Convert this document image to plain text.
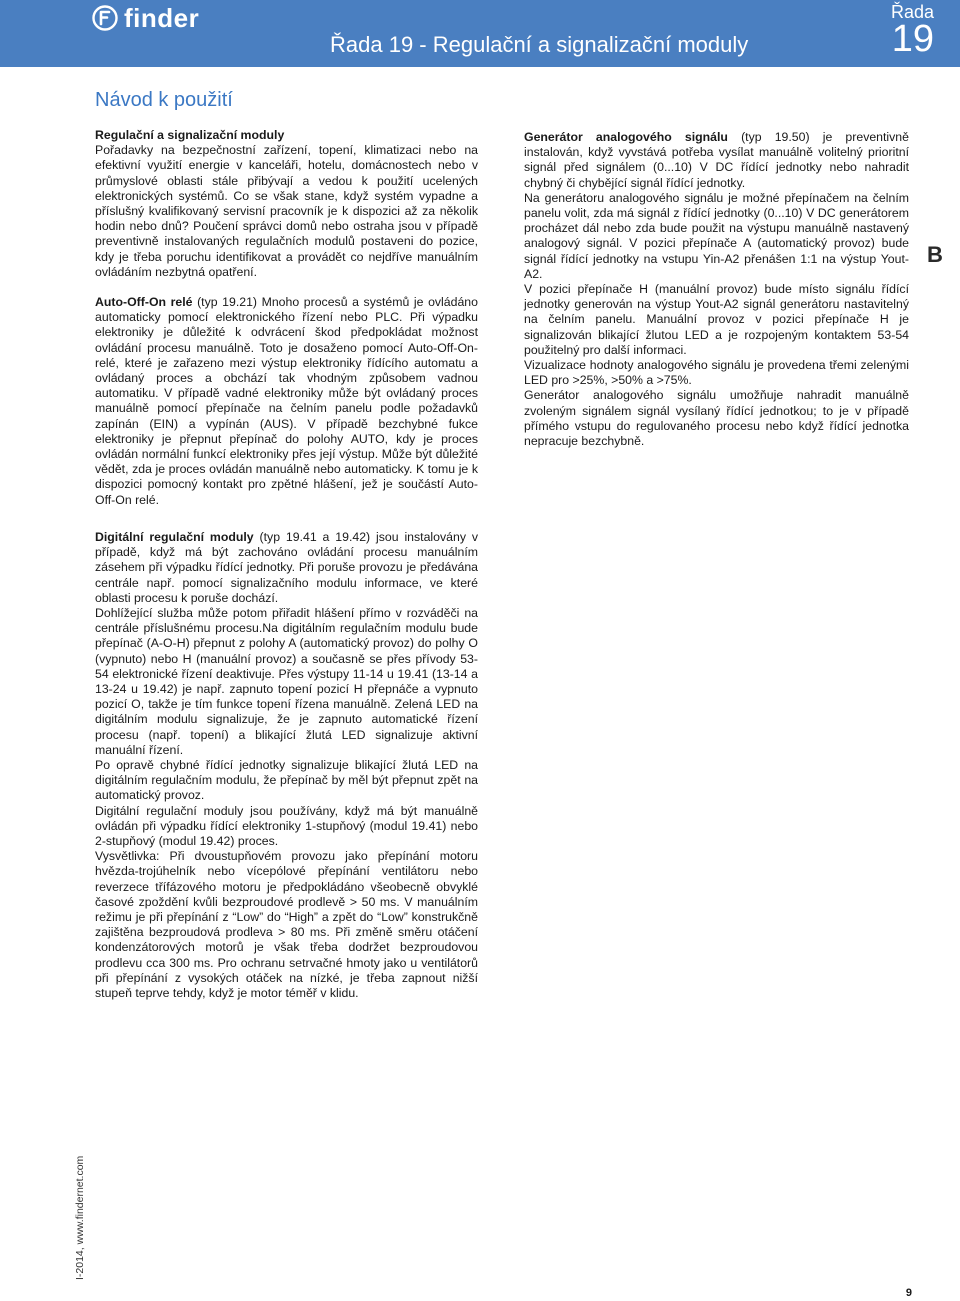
finder
Řada 19 - Regulační a signalizační moduly
Řada
19
Návod k použití

Regulační a signalizační moduly
Pořadavky na bezpečnostní zařízení, topení, klimatizaci nebo na efektivní využití energie v kanceláři, hotelu, domácnostech nebo v průmyslové oblasti stále přibývají a vedou k použití ucelených elektronických systémů. Co se však stane, když systém vypadne a příslušný kvalifikovaný servisní pracovník je k dispozici až za několik hodin nebo dnů? Poučení správci domů nebo ostraha jsou v případě preventivně instalovaných regulačních modulů postaveni do pozice, kdy je třeba poruchu identifikovat a provádět co nejdříve manuálním ovládáním nezbytná opatření.

Auto-Off-On relé (typ 19.21) Mnoho procesů a systémů je ovládáno automaticky pomocí elektronického řízení nebo PLC. Při výpadku elektroniky je důležité k odvrácení škod předpokládat možnost ovládání procesu manuálně. Toto je dosaženo pomocí Auto-Off-On-relé, které je zařazeno mezi výstup elektroniky řídícího automatu a ovládaný proces a obchází tak vhodným způsobem vadnou automatiku. V případě vadné elektroniky může být ovládaný proces manuálně pomocí přepínače na čelním panelu podle požadavků zapínán (EIN) a vypínán (AUS). V případě bezchybné fukce elektroniky je přepnut přepínač do polohy AUTO, kdy je proces ovládán normální funkcí elektroniky přes její výstup. Může být důležité vědět, zda je proces ovládán manuálně nebo automaticky. K tomu je k dispozici pomocný kontakt pro zpětné hlášení, jež je součástí Auto-Off-On relé.

Digitální regulační moduly (typ 19.41 a 19.42) jsou instalovány v případě, když má být zachováno ovládání procesu manuálním zásehem při výpadku řídící jednotky. Při poruše provozu je předávána centrále např. pomocí signalizačního modulu informace, ve které oblasti procesu k poruše dochází.

Dohlížející služba může potom přiřadit hlášení přímo v rozváděči na centrále příslušnému procesu.Na digitálním regulačním modulu bude přepínač (A-O-H) přepnut z polohy A (automatický provoz) do polhy O (vypnuto) nebo H (manuální provoz) a současně se přes přívody 53-54 elektronické řízení deaktivuje. Přes výstupy 11-14 u 19.41 (13-14 a 13-24 u 19.42) je např. zapnuto topení pozicí H přepnáče a vypnuto pozicí O, takže je tím funkce topení řízena manuálně. Zelená LED na digitálním modulu signalizuje, že je zapnuto automatické řízení procesu (např. topení) a blikající žlutá LED signalizuje aktivní manuální řízení.

Po opravě chybné řídící jednotky signalizuje blikající žlutá LED na digitálním regulačním modulu, že přepínač by měl být přepnut zpět na automatický provoz.

Digitální regulační moduly jsou používány, když má být manuálně ovládán při výpadku řídící elektroniky 1-stupňový (modul 19.41) nebo 2-stupňový (modul 19.42) proces.

Vysvětlivka: Při dvoustupňovém provozu jako přepínání motoru hvězda-trojúhelník nebo vícepólové přepínání ventilátoru nebo reverzece třífázového motoru je předpokládáno všeobecně obvyklé časové zpoždění kvůli bezproudové prodlevě > 50 ms. V manuálním režimu je při přepínání z “Low” do “High” a zpět do “Low” konstrukčně zajištěna bezproudová prodleva > 80 ms. Při změně směru otáčení kondenzátorových motorů je však třeba dodržet bezproudovou prodlevu cca 300 ms. Pro ochranu setrvačné hmoty jako u ventilátorů při přepínání z vysokých otáček na nízké, je třeba zapnout nižší stupeň teprve tehdy, když je motor téměř v klidu.

Generátor analogového signálu (typ 19.50) je preventivně instalován, když vyvstává potřeba vysílat manuálně volitelný prioritní signál před signálem (0...10) V DC řídící jednotky nebo nahradit chybný či chybějící signál řídící jednotky.

Na generátoru analogového signálu je možné přepínačem na čelním panelu volit, zda má signál z řídící jednotky (0...10) V DC generátorem procházet dál nebo zda bude použit na výstupu manuálně nastavený analogový signál. V pozici přepínače A (automatický provoz) bude signál řídící jednotky na vstupu Yin-A2 přenášen 1:1 na výstup Yout-A2.

V pozici přepínače H (manuální provoz) bude místo signálu řídící jednotky generován na výstup Yout-A2 signál generátoru nastavitelný na čelním panelu. Manuální provoz v pozici přepínače H je signalizován blikající žlutou LED a je rozpojeným kontaktem 53-54 použitelný pro další informaci.

Vizualizace hodnoty analogového signálu je provedena třemi zelenými LED pro >25%, >50% a >75%.

Generátor analogového signálu umožňuje nahradit manuálně zvoleným signálem signál vysílaný řídící jednotkou; to je v případě přímého vstupu do regulovaného procesu nebo když řídící jednotka nepracuje bezchybně.

B
I-2014, www.findernet.com
9
